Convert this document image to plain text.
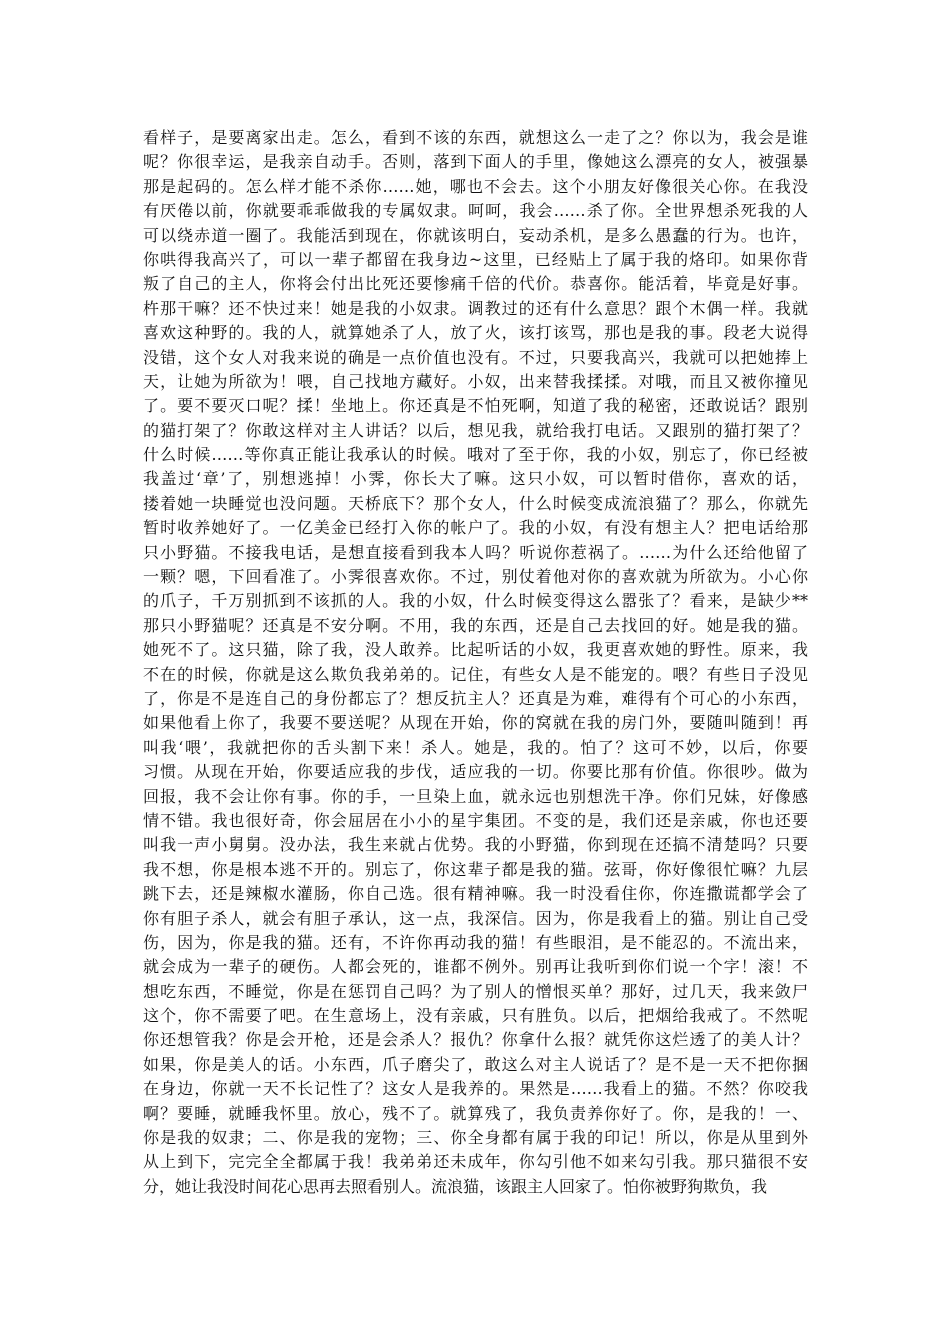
看样子，是要离家出走。怎么，看到不该的东西，就想这么一走了之？你以为，我会是谁
呢？你很幸运，是我亲自动手。否则，落到下面人的手里，像她这么漂亮的女人，被强暴
那是起码的。怎么样才能不杀你……她，哪也不会去。这个小朋友好像很关心你。在我没
有厌倦以前，你就要乖乖做我的专属奴隶。呵呵，我会……杀了你。全世界想杀死我的人
可以绕赤道一圈了。我能活到现在，你就该明白，妄动杀机，是多么愚蠢的行为。也许，
你哄得我高兴了，可以一辈子都留在我身边~这里，已经贴上了属于我的烙印。如果你背
叛了自己的主人，你将会付出比死还要惨痛千倍的代价。恭喜你。能活着，毕竟是好事。
杵那干嘛？还不快过来！她是我的小奴隶。调教过的还有什么意思？跟个木偶一样。我就
喜欢这种野的。我的人，就算她杀了人，放了火，该打该骂，那也是我的事。段老大说得
没错，这个女人对我来说的确是一点价值也没有。不过，只要我高兴，我就可以把她捧上
天，让她为所欲为！喂，自己找地方藏好。小奴，出来替我揉揉。对哦，而且又被你撞见
了。要不要灭口呢？揉！坐地上。你还真是不怕死啊，知道了我的秘密，还敢说话？跟别
的猫打架了？你敢这样对主人讲话？以后，想见我，就给我打电话。又跟别的猫打架了？
什么时候……等你真正能让我承认的时候。哦对了至于你，我的小奴，别忘了，你已经被
我盖过‘章’了，别想逃掉！小霁，你长大了嘛。这只小奴，可以暂时借你，喜欢的话，
搂着她一块睡觉也没问题。天桥底下？那个女人，什么时候变成流浪猫了？那么，你就先
暂时收养她好了。一亿美金已经打入你的帐户了。我的小奴，有没有想主人？把电话给那
只小野猫。不接我电话，是想直接看到我本人吗？听说你惹祸了。……为什么还给他留了
一颗？嗯，下回看准了。小霁很喜欢你。不过，别仗着他对你的喜欢就为所欲为。小心你
的爪子，千万别抓到不该抓的人。我的小奴，什么时候变得这么嚣张了？看来，是缺少**
那只小野猫呢？还真是不安分啊。不用，我的东西，还是自己去找回的好。她是我的猫。
她死不了。这只猫，除了我，没人敢养。比起听话的小奴，我更喜欢她的野性。原来，我
不在的时候，你就是这么欺负我弟弟的。记住，有些女人是不能宠的。喂？有些日子没见
了，你是不是连自己的身份都忘了？想反抗主人？还真是为难，难得有个可心的小东西，
如果他看上你了，我要不要送呢？从现在开始，你的窝就在我的房门外，要随叫随到！再
叫我‘喂’，我就把你的舌头割下来！杀人。她是，我的。怕了？这可不妙，以后，你要
习惯。从现在开始，你要适应我的步伐，适应我的一切。你要比那有价值。你很吵。做为
回报，我不会让你有事。你的手，一旦染上血，就永远也别想洗干净。你们兄妹，好像感
情不错。我也很好奇，你会屈居在小小的星宇集团。不变的是，我们还是亲戚，你也还要
叫我一声小舅舅。没办法，我生来就占优势。我的小野猫，你到现在还搞不清楚吗？只要
我不想，你是根本逃不开的。别忘了，你这辈子都是我的猫。弦哥，你好像很忙嘛？九层
跳下去，还是辣椒水灌肠，你自己选。很有精神嘛。我一时没看住你，你连撒谎都学会了
你有胆子杀人，就会有胆子承认，这一点，我深信。因为，你是我看上的猫。别让自己受
伤，因为，你是我的猫。还有，不许你再动我的猫！有些眼泪，是不能忍的。不流出来，
就会成为一辈子的硬伤。人都会死的，谁都不例外。别再让我听到你们说一个字！滚！不
想吃东西，不睡觉，你是在惩罚自己吗？为了别人的憎恨买单？那好，过几天，我来敛尸
这个，你不需要了吧。在生意场上，没有亲戚，只有胜负。以后，把烟给我戒了。不然呢
你还想管我？你是会开枪，还是会杀人？报仇？你拿什么报？就凭你这烂透了的美人计？
如果，你是美人的话。小东西，爪子磨尖了，敢这么对主人说话了？是不是一天不把你捆
在身边，你就一天不长记性了？这女人是我养的。果然是……我看上的猫。不然？你咬我
啊？要睡，就睡我怀里。放心，残不了。就算残了，我负责养你好了。你，是我的！一、
你是我的奴隶；二、你是我的宠物；三、你全身都有属于我的印记！所以，你是从里到外
从上到下，完完全全都属于我！我弟弟还未成年，你勾引他不如来勾引我。那只猫很不安
分，她让我没时间花心思再去照看别人。流浪猫，该跟主人回家了。怕你被野狗欺负，我
